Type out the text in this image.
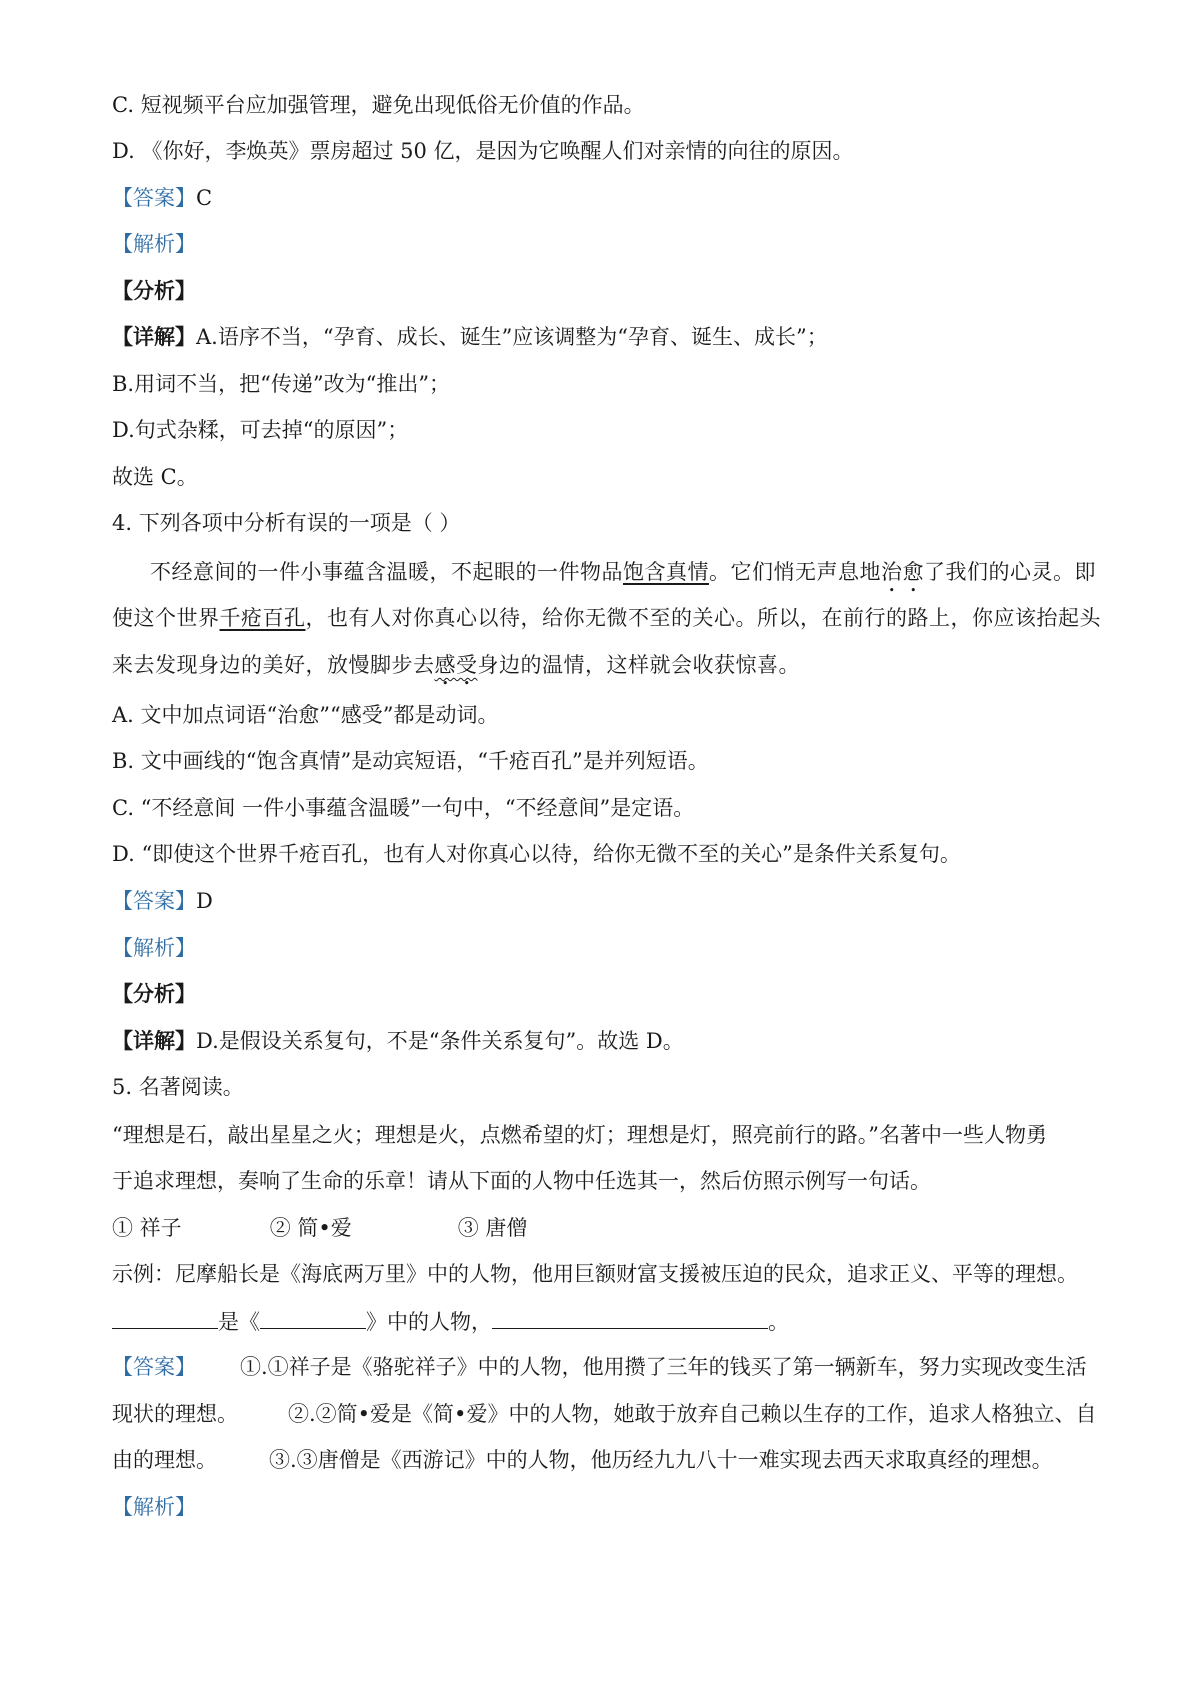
C. 短视频平台应加强管理，避免出现低俗无价值的作品。
D. 《你好，李焕英》票房超过 50 亿，是因为它唤醒人们对亲情的向往的原因。
【答案】C
【解析】
【分析】
【详解】A.语序不当，“孕育、成长、诞生”应该调整为“孕育、诞生、成长”；
B.用词不当，把“传递”改为“推出”；
D.句式杂糅，可去掉“的原因”；
故选 C。
4. 下列各项中分析有误的一项是（ ）
不经意间的一件小事蕴含温暖，不起眼的一件物品饱含真情。它们悄无声息地治愈了我们的心灵。即
使这个世界千疮百孔，也有人对你真心以待，给你无微不至的关心。所以，在前行的路上，你应该抬起头
来去发现身边的美好，放慢脚步去感受身边的温情，这样就会收获惊喜。
A. 文中加点词语“治愈”“感受”都是动词。
B. 文中画线的“饱含真情”是动宾短语，“千疮百孔”是并列短语。
C. “不经意间 一件小事蕴含温暖”一句中，“不经意间”是定语。
D. “即使这个世界千疮百孔，也有人对你真心以待，给你无微不至的关心”是条件关系复句。
【答案】D
【解析】
【分析】
【详解】D.是假设关系复句，不是“条件关系复句”。故选 D。
5. 名著阅读。
“理想是石，敲出星星之火；理想是火，点燃希望的灯；理想是灯，照亮前行的路。”名著中一些人物勇
于追求理想，奏响了生命的乐章！请从下面的人物中任选其一，然后仿照示例写一句话。
① 祥子	② 简•爱	③ 唐僧
示例：尼摩船长是《海底两万里》中的人物，他用巨额财富支援被压迫的民众，追求正义、平等的理想。
是《	》中的人物，	。
【答案】 ①.①祥子是《骆驼祥子》中的人物，他用攒了三年的钱买了第一辆新车，努力实现改变生活
现状的理想。 ②.②简•爱是《简•爱》中的人物，她敢于放弃自己赖以生存的工作，追求人格独立、自
由的理想。 ③.③唐僧是《西游记》中的人物，他历经九九八十一难实现去西天求取真经的理想。
【解析】
